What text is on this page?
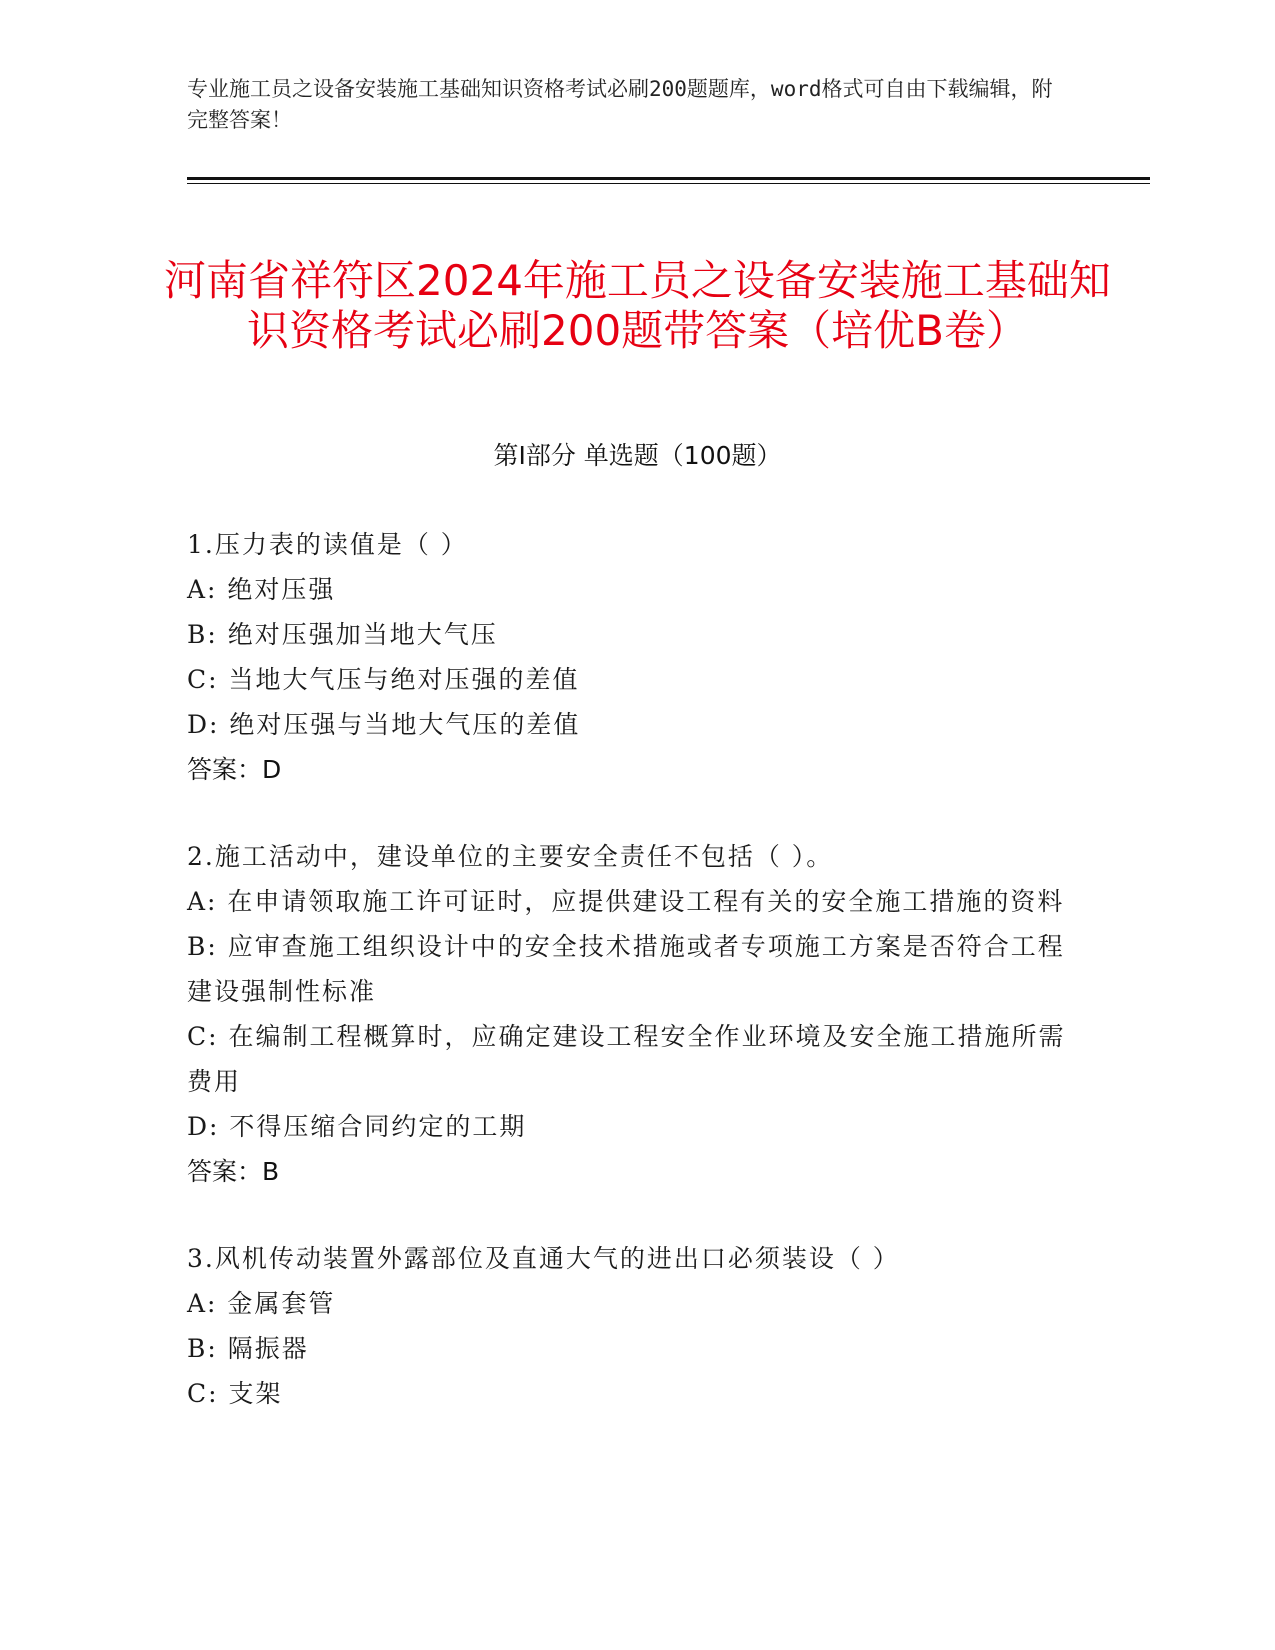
专业施工员之设备安装施工基础知识资格考试必刷200题题库，word格式可自由下载编辑，附完整答案！
河南省祥符区2024年施工员之设备安装施工基础知识资格考试必刷200题带答案（培优B卷）
第I部分 单选题（100题）
1.压力表的读值是（ ）
A: 绝对压强
B: 绝对压强加当地大气压
C: 当地大气压与绝对压强的差值
D: 绝对压强与当地大气压的差值
答案：D
2.施工活动中，建设单位的主要安全责任不包括（ ）。
A: 在申请领取施工许可证时，应提供建设工程有关的安全施工措施的资料
B: 应审查施工组织设计中的安全技术措施或者专项施工方案是否符合工程建设强制性标准
C: 在编制工程概算时，应确定建设工程安全作业环境及安全施工措施所需费用
D: 不得压缩合同约定的工期
答案：B
3.风机传动装置外露部位及直通大气的进出口必须装设（ ）
A: 金属套管
B: 隔振器
C: 支架
